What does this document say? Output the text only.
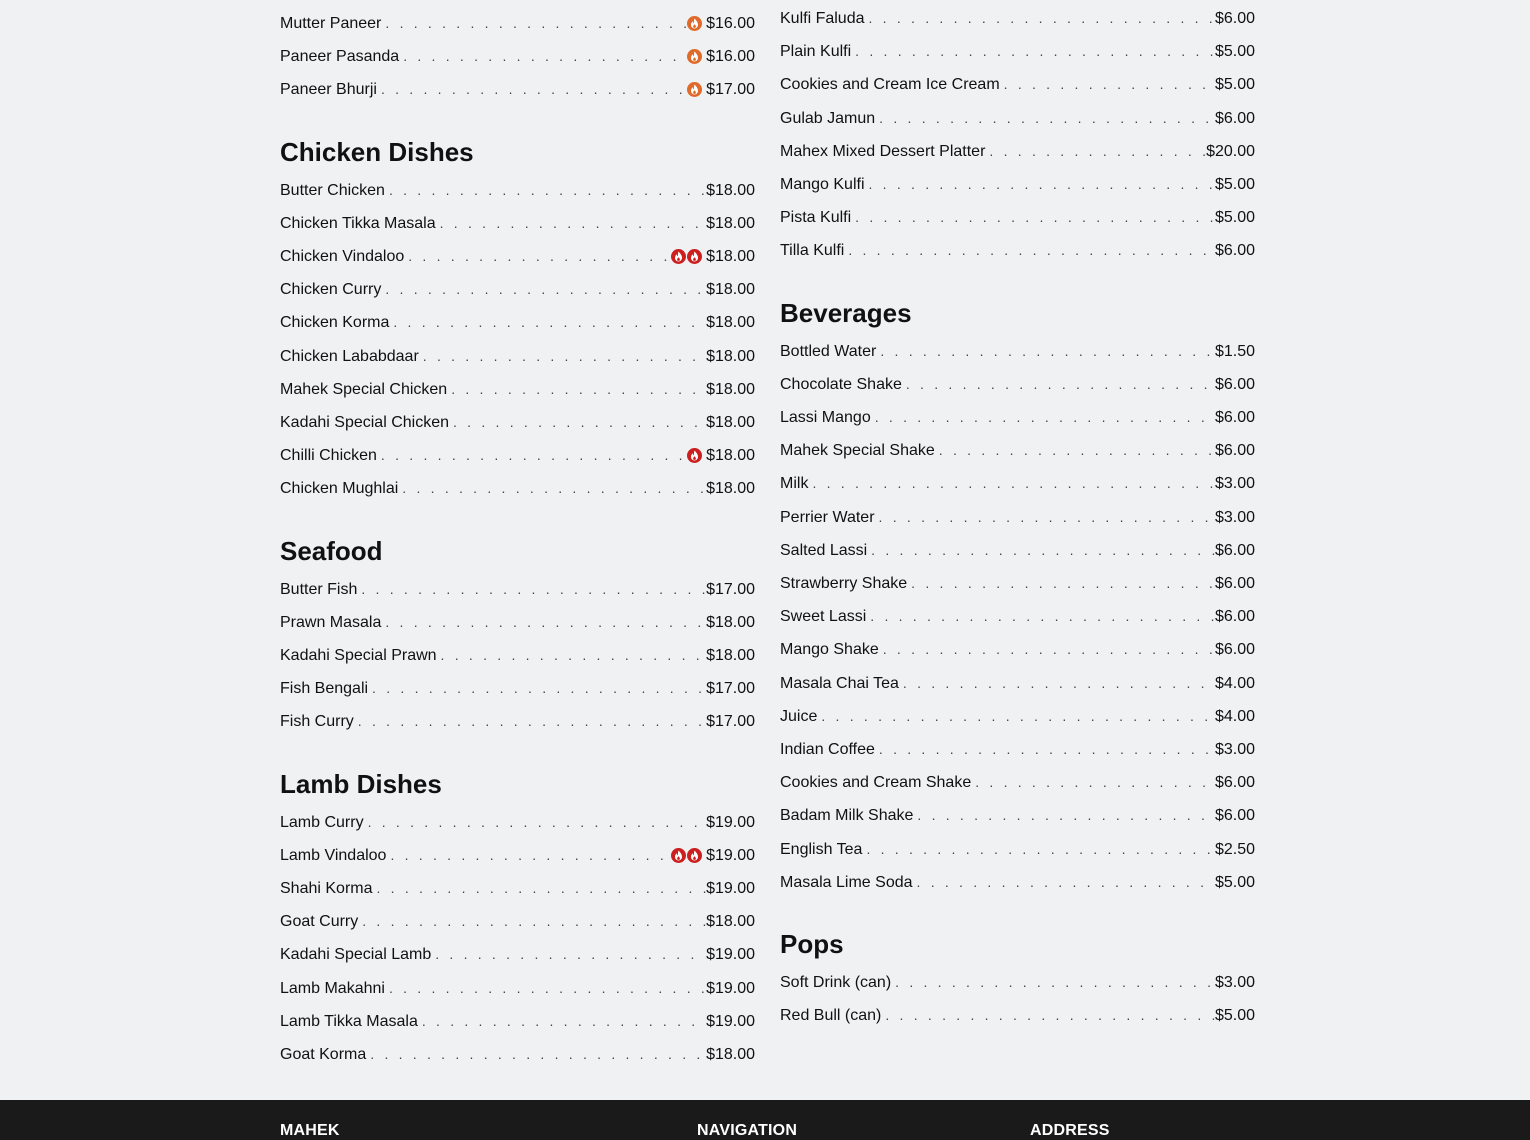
Mutter Paneer . . .	$16.00
Paneer Pasanda . . .	$16.00
Paneer Bhurji . . .	$17.00
Chicken Dishes
Butter Chicken . . .	$18.00
Chicken Tikka Masala . . .	$18.00
Chicken Vindaloo . . .	$18.00
Chicken Curry . . .	$18.00
Chicken Korma . . .	$18.00
Chicken Lababdaar . . .	$18.00
Mahek Special Chicken . . .	$18.00
Kadahi Special Chicken . . .	$18.00
Chilli Chicken . . .	$18.00
Chicken Mughlai . . .	$18.00
Seafood
Butter Fish . . .	$17.00
Prawn Masala . . .	$18.00
Kadahi Special Prawn . . .	$18.00
Fish Bengali . . .	$17.00
Fish Curry . . .	$17.00
Lamb Dishes
Lamb Curry . . .	$19.00
Lamb Vindaloo . . .	$19.00
Shahi Korma . . .	$19.00
Goat Curry . . .	$18.00
Kadahi Special Lamb . . .	$19.00
Lamb Makahni . . .	$19.00
Lamb Tikka Masala . . .	$19.00
Goat Korma . . .	$18.00
Kulfi Faluda . . .	$6.00
Plain Kulfi . . .	$5.00
Cookies and Cream Ice Cream . . .	$5.00
Gulab Jamun . . .	$6.00
Mahex Mixed Dessert Platter . . .	$20.00
Mango Kulfi . . .	$5.00
Pista Kulfi . . .	$5.00
Tilla Kulfi . . .	$6.00
Beverages
Bottled Water . . .	$1.50
Chocolate Shake . . .	$6.00
Lassi Mango . . .	$6.00
Mahek Special Shake . . .	$6.00
Milk . . .	$3.00
Perrier Water . . .	$3.00
Salted Lassi . . .	$6.00
Strawberry Shake . . .	$6.00
Sweet Lassi . . .	$6.00
Mango Shake . . .	$6.00
Masala Chai Tea . . .	$4.00
Juice . . .	$4.00
Indian Coffee . . .	$3.00
Cookies and Cream Shake . . .	$6.00
Badam Milk Shake . . .	$6.00
English Tea . . .	$2.50
Masala Lime Soda . . .	$5.00
Pops
Soft Drink (can) . . .	$3.00
Red Bull (can) . . .	$5.00
MAHEK	NAVIGATION	ADDRESS
